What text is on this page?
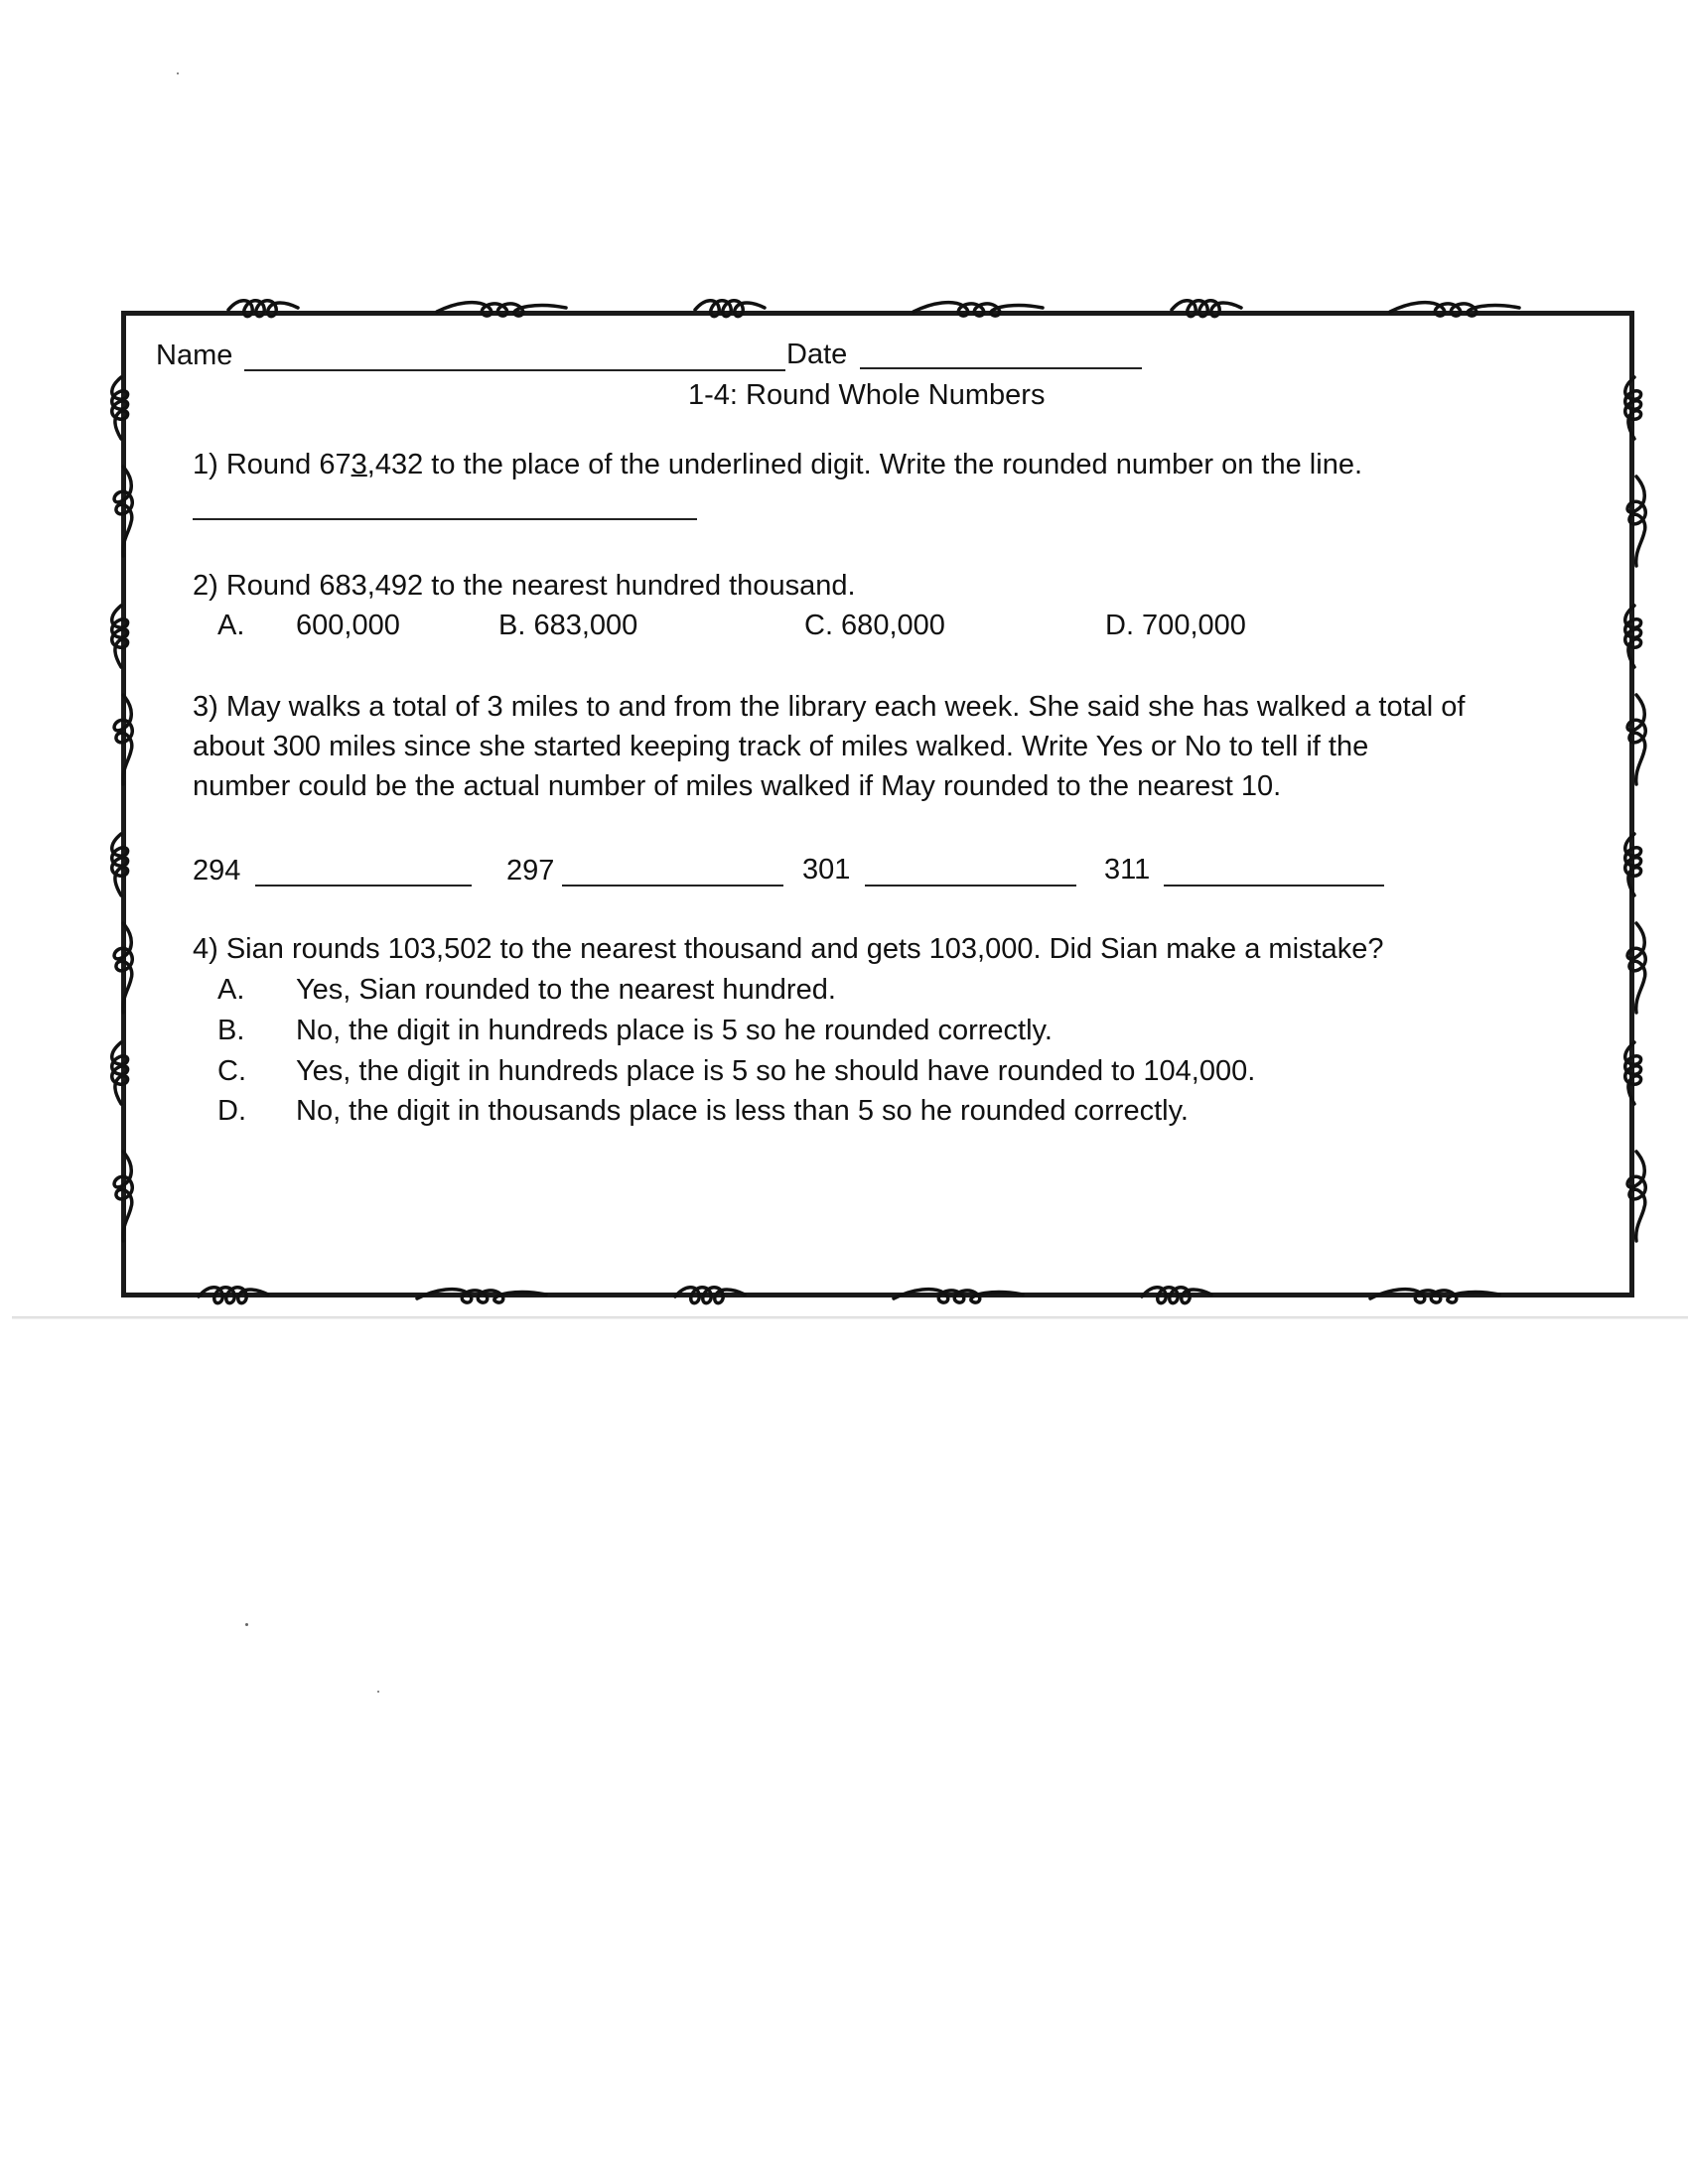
Name	Date
1-4: Round Whole Numbers
1) Round 673,432 to the place of the underlined digit. Write the rounded number on the line.
2) Round 683,492 to the nearest hundred thousand.
A. 600,000	B. 683,000	C. 680,000	D. 700,000
3) May walks a total of 3 miles to and from the library each week. She said she has walked a total of
about 300 miles since she started keeping track of miles walked. Write Yes or No to tell if the
number could be the actual number of miles walked if May rounded to the nearest 10.
294	297	301	311
4) Sian rounds 103,502 to the nearest thousand and gets 103,000. Did Sian make a mistake?
A. Yes, Sian rounded to the nearest hundred.
B. No, the digit in hundreds place is 5 so he rounded correctly.
C. Yes, the digit in hundreds place is 5 so he should have rounded to 104,000.
D. No, the digit in thousands place is less than 5 so he rounded correctly.
